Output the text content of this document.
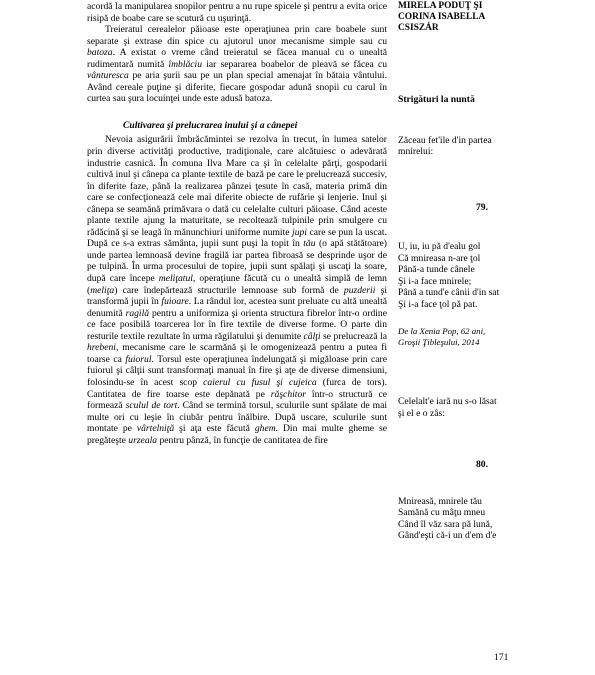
acordă la manipularea snopilor pentru a nu rupe spicele şi pentru a evita orice risipă de boabe care se scutură cu uşurinţă.

Treieratul cerealelor păioase este operaţiunea prin care boabele sunt separate şi extrase din spice cu ajutorul unor mecanisme simple sau cu batoza. A existat o vreme când treieratul se făcea manual cu o unealtă rudimentară numită îmblăciu iar separarea boabelor de pleavă se făcea cu vânturesca pe aria şurii sau pe un plan special amenajat în bătaia vântului. Având cereale puţine şi diferite, fiecare gospodar adună snopii cu carul în curtea sau şura locuinţei unde este adusă batoza.

Cultivarea şi prelucrarea inului şi a cânepei

Nevoia asigurării îmbrăcămintei se rezolva în trecut, în lumea satelor prin diverse activităţi productive, tradiţionale, care alcătuiesc o adevărată industrie casnică. În comuna Ilva Mare ca şi în celelalte părţi, gospodarii cultivă inul şi cânepa ca plante textile de bază pe care le prelucrează succesiv, în diferite faze, până la realizarea pânzei ţesute în casă, materia primă din care se confecţionează cele mai diferite obiecte de rufărie şi lenjerie. Inul şi cânepa se seamănă primăvara o dată cu celelalte culturi păioase. Când aceste plante textile ajung la maturitate, se recoltează tulpinile prin smulgere cu rădăcină şi se leagă în mănunchiuri uniforme numite jupi care se pun la uscat. După ce s-a extras sământa, jupii sunt puşi la topit în tău (o apă stătătoare) unde partea lemnoasă devine fragilă iar partea fibroasă se desprinde uşor de pe tulpină. În urma procesului de topire, jupii sunt spălaţi şi uscaţi la soare, după care începe meliţatul, operaţiune făcută cu o unealtă simplă de lemn (meliţa) care îndepărtează structurile lemnoase sub formă de puzderii şi transformă jupii în fuioare. La rândul lor, acestea sunt preluate cu altă unealtă denumită ragilă pentru a uniformiza şi orienta structura fibrelor într-o ordine ce face posibilă toarcerea lor în fire textile de diverse forme. O parte din resturile textile rezultate în urma răgilatului şi denumite câlţi se prelucrează la hrebeni, mecanisme care le scarmănă şi le omogenizează pentru a putea fi toarse ca fuiorul. Torsul este operaţiunea îndelungată şi migăloase prin care fuiorul şi câlţii sunt transformaţi manual în fire şi aţe de diverse dimensiuni, folosindu-se în acest scop caierul cu fusul şi cujeica (furca de tors). Cantitatea de fire toarse este depănată pe răşchitor într-o structură ce formează sculul de tort. Când se termină torsul, sculurile sunt spălate de mai multe ori cu leşie în ciubăr pentru înălbire. După uscare, sculurile sunt montate pe vârtelniţă şi aţa este făcută ghem. Din mai multe gheme se pregăteşte urzeala pentru pânză, în funcţie de cantitatea de fire

MIRELA PODUŢ ŞI
CORINA ISABELLA
CSISZÁR
Strigături la nuntă
Zăceau fet'ile d'in partea
mnirelui:
79.
U, iu, iu pă d'ealu gol
Că mnireasa n-are ţol
Până-a tunde cânele
Şi i-a face mnirele;
Până a tund'e cânii d'in sat
Şi i-a face ţol pă pat.
De la Xenia Pop, 62 ani,
Groşii Ţibleşului, 2014
Celelalt'e iară nu s-o lăsat
şi el e o zâs:
80.
Mnireasă, mnirele tău
Samănă cu mâţu mneu
Când îl văz sara pă lună,
Gând'eşti că-i un d'em d'e
171
